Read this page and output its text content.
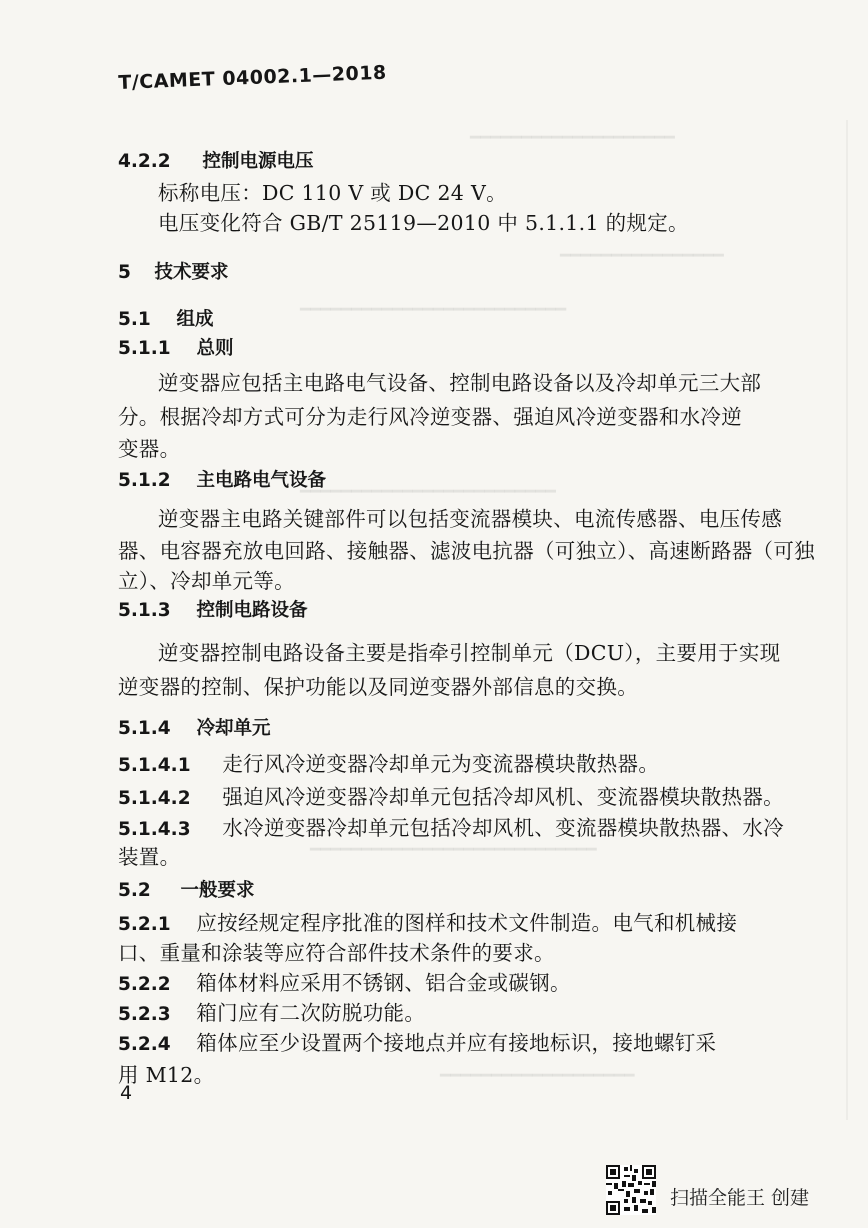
━━━━━━━━━━━━━━━━━━━━
━━━━━━━━━━━━━━━━
━━━━━━━━━━━━━━━━━━━━━━━━━━
━━━━━━━━━━━━━━━━━━━━━━━━━
━━━━━━━━━━━━━━━━━━━━━━━━━━━━
━━━━━━━━━━━━━━━━━━━
T/CAMET 04002.1—2018
4.2.2 控制电源电压
标称电压：DC 110 V 或 DC 24 V。
电压变化符合 GB/T 25119—2010 中 5.1.1.1 的规定。
5 技术要求
5.1 组成
5.1.1 总则
逆变器应包括主电路电气设备、控制电路设备以及冷却单元三大部
分。根据冷却方式可分为走行风冷逆变器、强迫风冷逆变器和水冷逆
变器。
5.1.2 主电路电气设备
逆变器主电路关键部件可以包括变流器模块、电流传感器、电压传感
器、电容器充放电回路、接触器、滤波电抗器（可独立）、高速断路器（可独
立）、冷却单元等。
5.1.3 控制电路设备
逆变器控制电路设备主要是指牵引控制单元（DCU），主要用于实现
逆变器的控制、保护功能以及同逆变器外部信息的交换。
5.1.4 冷却单元
5.1.4.1 走行风冷逆变器冷却单元为变流器模块散热器。
5.1.4.2 强迫风冷逆变器冷却单元包括冷却风机、变流器模块散热器。
5.1.4.3 水冷逆变器冷却单元包括冷却风机、变流器模块散热器、水冷
装置。
5.2 一般要求
5.2.1 应按经规定程序批准的图样和技术文件制造。电气和机械接
口、重量和涂装等应符合部件技术条件的要求。
5.2.2 箱体材料应采用不锈钢、铝合金或碳钢。
5.2.3 箱门应有二次防脱功能。
5.2.4 箱体应至少设置两个接地点并应有接地标识，接地螺钉采
用 M12。
4
扫描全能王 创建
